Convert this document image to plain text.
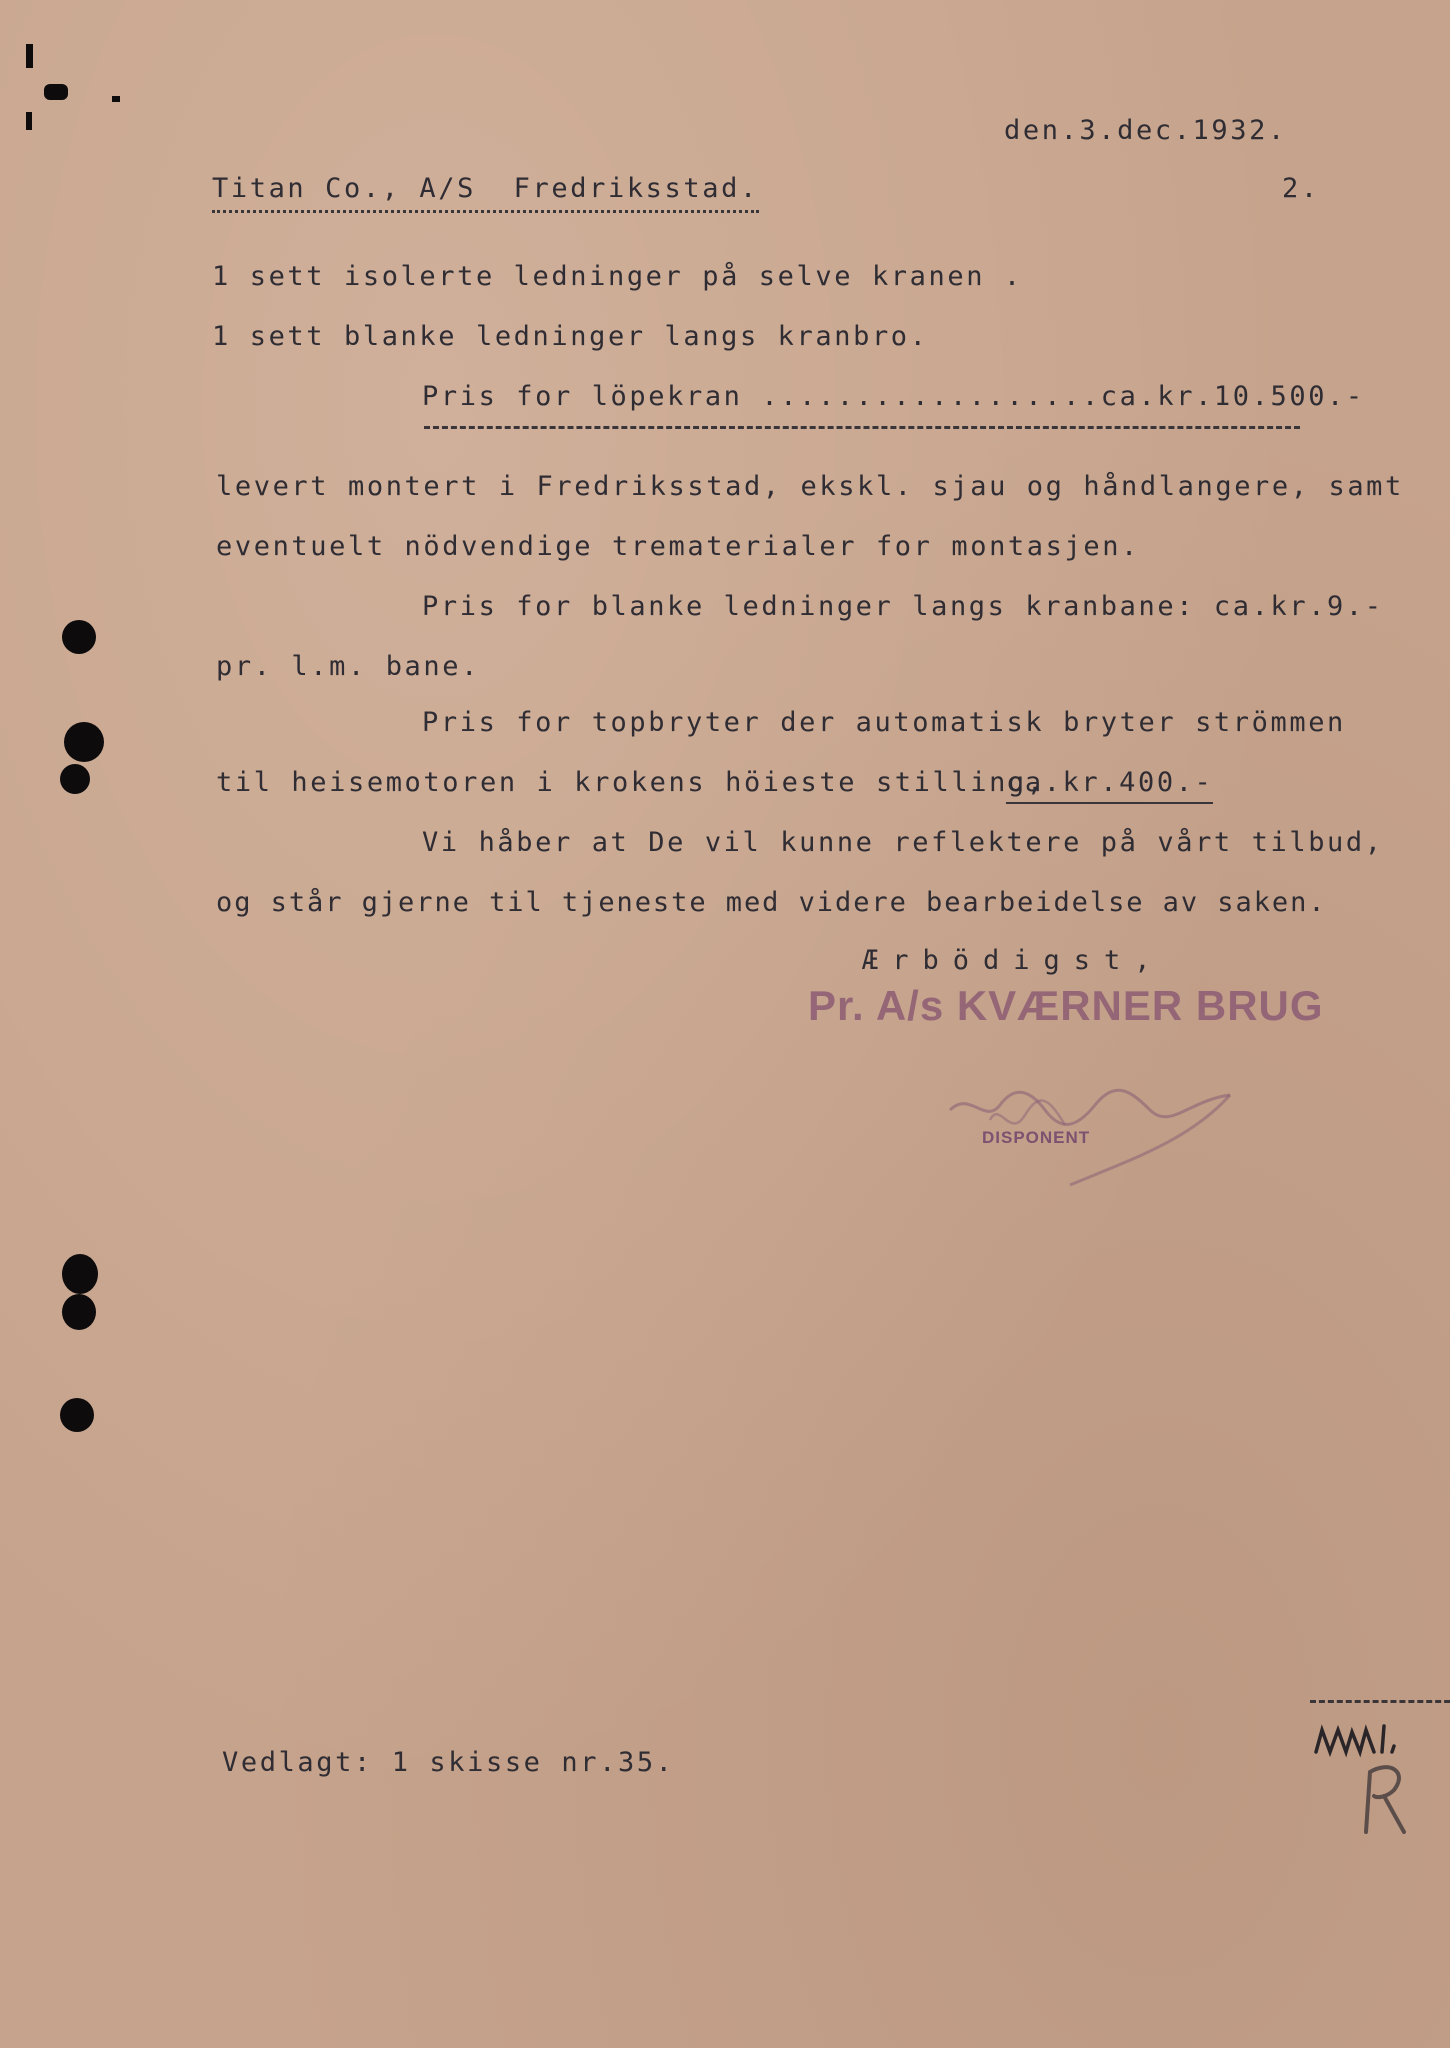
den.3.dec.1932.
Titan Co., A/S  Fredriksstad.	2.
1 sett isolerte ledninger på selve kranen .
1 sett blanke ledninger langs kranbro.
Pris for löpekran ..................ca.kr.10.500.-
levert montert i Fredriksstad, ekskl. sjau og håndlangere, samt
eventuelt nödvendige trematerialer for montasjen.
Pris for blanke ledninger langs kranbane: ca.kr.9.-
pr. l.m. bane.
Pris for topbryter der automatisk bryter strömmen
til heisemotoren i krokens höieste stilling,
ca.kr.400.-
Vi håber at De vil kunne reflektere på vårt tilbud,
og står gjerne til tjeneste med videre bearbeidelse av saken.
Ærbödigst,
Pr. A/s KVÆRNER BRUG
DISPONENT
Vedlagt: 1 skisse nr.35.
